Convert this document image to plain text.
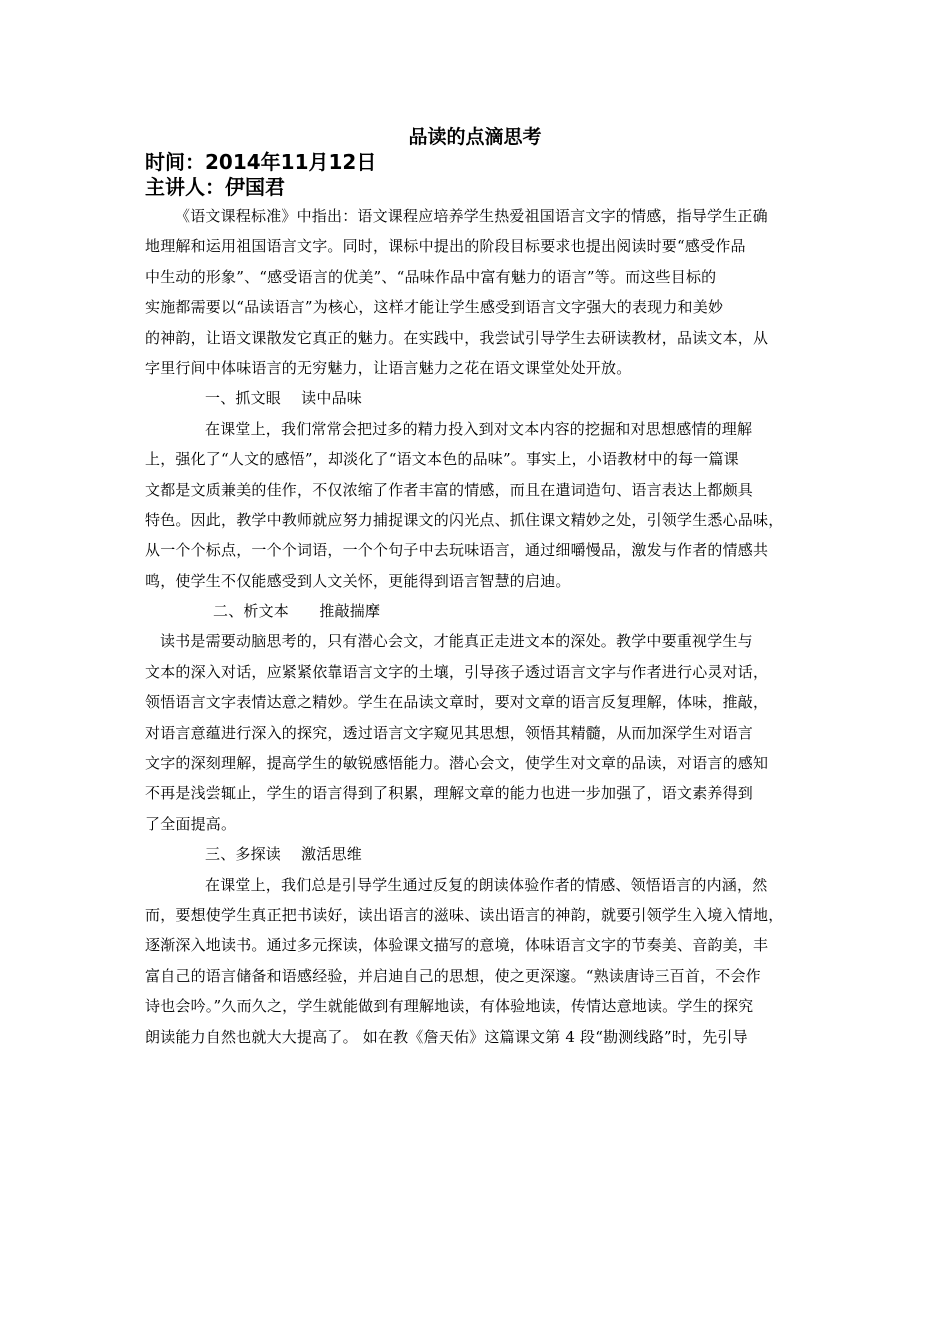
品读的点滴思考
时间：2014年11月12日
主讲人：伊国君
《语文课程标准》中指出：语文课程应培养学生热爱祖国语言文字的情感，指导学生正确
地理解和运用祖国语言文字。同时，课标中提出的阶段目标要求也提出阅读时要“感受作品
中生动的形象”、“感受语言的优美”、“品味作品中富有魅力的语言”等。而这些目标的
实施都需要以“品读语言”为核心，这样才能让学生感受到语言文字强大的表现力和美妙
的神韵，让语文课散发它真正的魅力。在实践中，我尝试引导学生去研读教材，品读文本，从
字里行间中体味语言的无穷魅力，让语言魅力之花在语文课堂处处开放。
一、抓文眼　 读中品味
在课堂上，我们常常会把过多的精力投入到对文本内容的挖掘和对思想感情的理解
上，强化了“人文的感悟”，却淡化了“语文本色的品味”。事实上，小语教材中的每一篇课
文都是文质兼美的佳作，不仅浓缩了作者丰富的情感，而且在遣词造句、语言表达上都颇具
特色。因此，教学中教师就应努力捕捉课文的闪光点、抓住课文精妙之处，引领学生悉心品味，
从一个个标点，一个个词语，一个个句子中去玩味语言，通过细嚼慢品，激发与作者的情感共
鸣，使学生不仅能感受到人文关怀，更能得到语言智慧的启迪。
二、析文本　　推敲揣摩
读书是需要动脑思考的，只有潜心会文，才能真正走进文本的深处。教学中要重视学生与
文本的深入对话，应紧紧依靠语言文字的土壤，引导孩子透过语言文字与作者进行心灵对话，
领悟语言文字表情达意之精妙。学生在品读文章时，要对文章的语言反复理解，体味，推敲，
对语言意蕴进行深入的探究，透过语言文字窥见其思想，领悟其精髓，从而加深学生对语言
文字的深刻理解，提高学生的敏锐感悟能力。潜心会文，使学生对文章的品读，对语言的感知
不再是浅尝辄止，学生的语言得到了积累，理解文章的能力也进一步加强了，语文素养得到
了全面提高。
三、多探读　 激活思维
在课堂上，我们总是引导学生通过反复的朗读体验作者的情感、领悟语言的内涵，然
而，要想使学生真正把书读好，读出语言的滋味、读出语言的神韵，就要引领学生入境入情地，
逐渐深入地读书。通过多元探读，体验课文描写的意境，体味语言文字的节奏美、音韵美，丰
富自己的语言储备和语感经验，并启迪自己的思想，使之更深邃。“熟读唐诗三百首，不会作
诗也会吟。”久而久之，学生就能做到有理解地读，有体验地读，传情达意地读。学生的探究
朗读能力自然也就大大提高了。 如在教《詹天佑》这篇课文第 4 段“勘测线路”时，先引导
